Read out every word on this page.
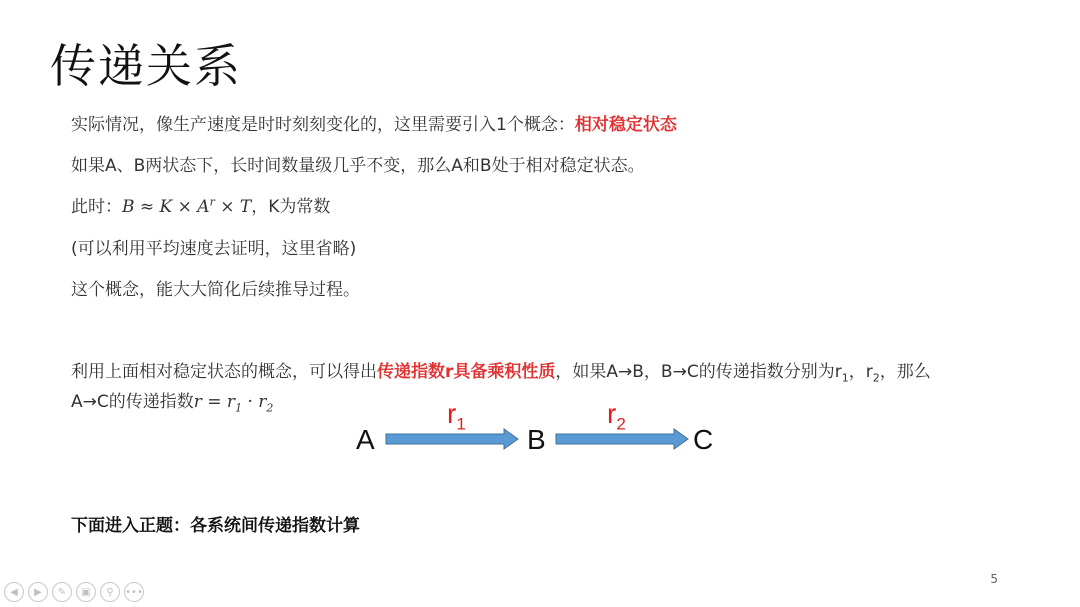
传递关系
实际情况，像生产速度是时时刻刻变化的，这里需要引入1个概念：相对稳定状态
如果A、B两状态下，长时间数量级几乎不变，那么A和B处于相对稳定状态。
此时：$B \approx K \times A^r \times T$，K为常数
(可以利用平均速度去证明，这里省略)
这个概念，能大大简化后续推导过程。
利用上面相对稳定状态的概念，可以得出传递指数r具备乘积性质，如果A→B，B→C的传递指数分别为$r_1$，$r_2$，那么
A→C的传递指数$r = r_1 \cdot r_2$
A	B	C
$r_1$	$r_2$
下面进入正题：各系统间传递指数计算
5
◀	▶	✎	▣	⚲	•••
